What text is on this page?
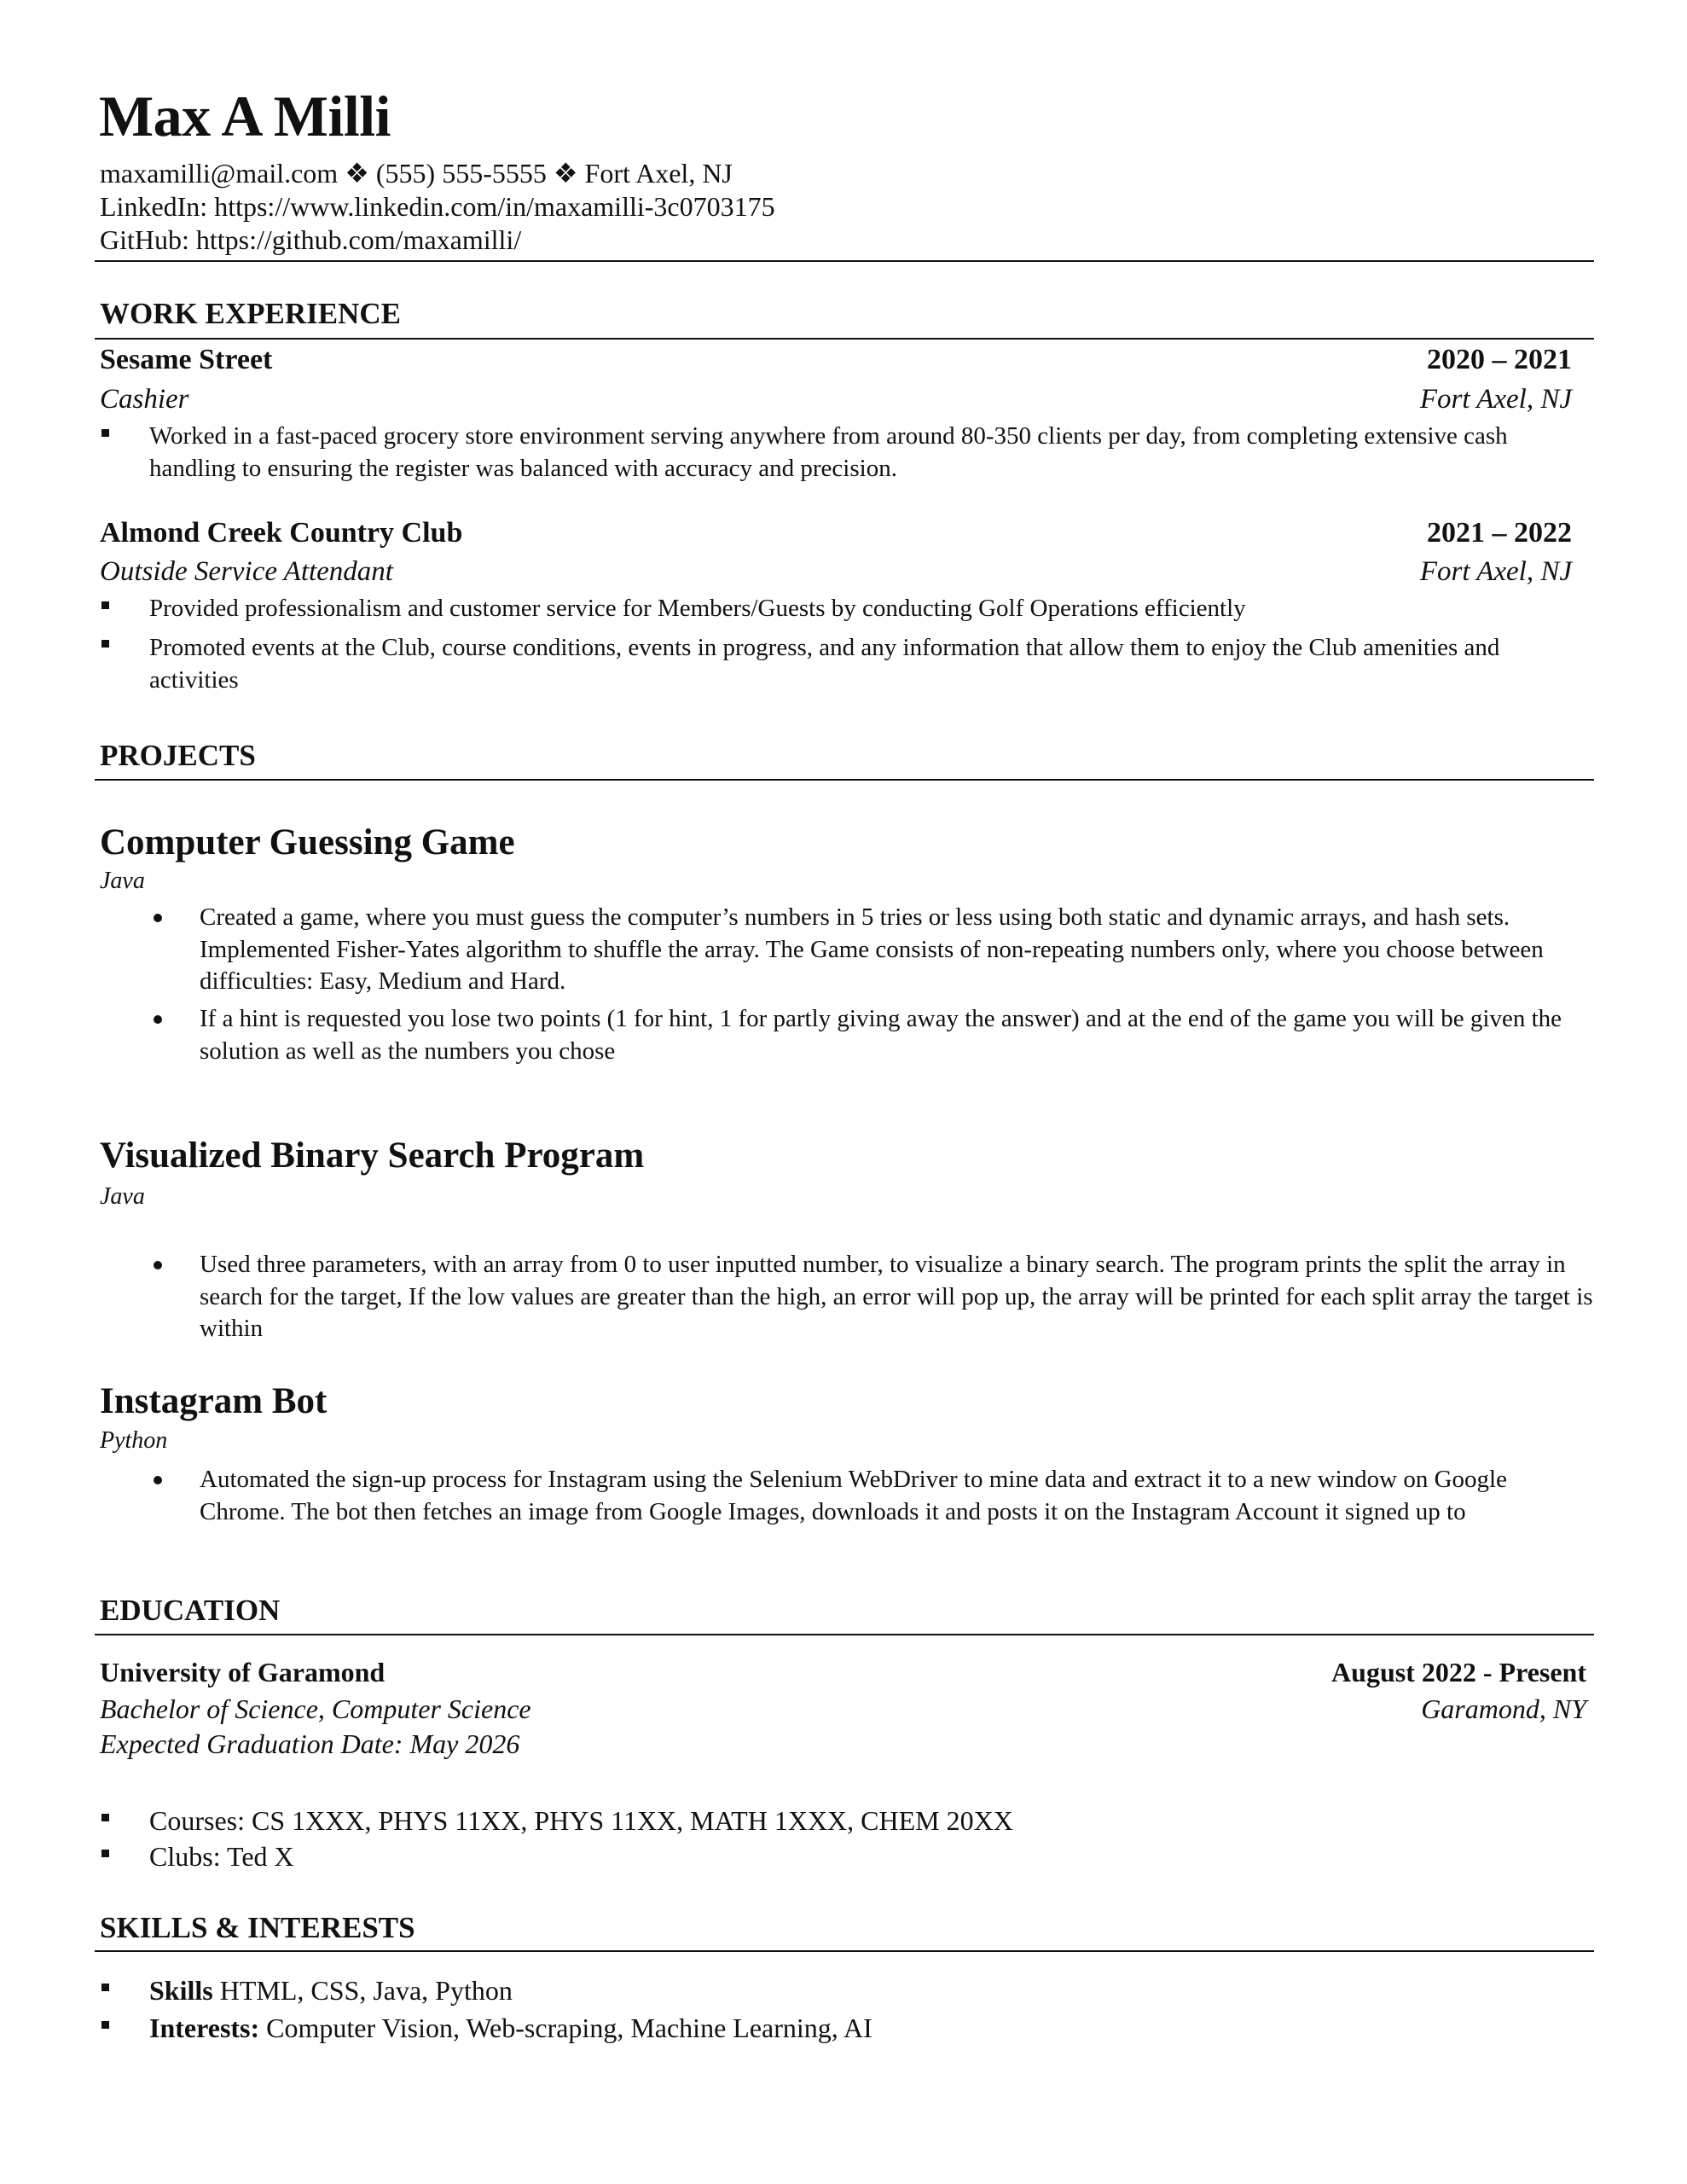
Max A Milli
maxamilli@mail.com ❖ (555) 555-5555 ❖ Fort Axel, NJ
LinkedIn: https://www.linkedin.com/in/maxamilli-3c0703175
GitHub: https://github.com/maxamilli/
WORK EXPERIENCE
Sesame Street	2020 – 2021
Cashier	Fort Axel, NJ
Worked in a fast-paced grocery store environment serving anywhere from around 80-350 clients per day, from completing extensive cash handling to ensuring the register was balanced with accuracy and precision.
Almond Creek Country Club	2021 – 2022
Outside Service Attendant	Fort Axel, NJ
Provided professionalism and customer service for Members/Guests by conducting Golf Operations efficiently
Promoted events at the Club, course conditions, events in progress, and any information that allow them to enjoy the Club amenities and activities
PROJECTS
Computer Guessing Game
Java
Created a game, where you must guess the computer’s numbers in 5 tries or less using both static and dynamic arrays, and hash sets. Implemented Fisher-Yates algorithm to shuffle the array. The Game consists of non-repeating numbers only, where you choose between difficulties: Easy, Medium and Hard.
If a hint is requested you lose two points (1 for hint, 1 for partly giving away the answer) and at the end of the game you will be given the solution as well as the numbers you chose
Visualized Binary Search Program
Java
Used three parameters, with an array from 0 to user inputted number, to visualize a binary search. The program prints the split the array in search for the target, If the low values are greater than the high, an error will pop up, the array will be printed for each split array the target is within
Instagram Bot
Python
Automated the sign-up process for Instagram using the Selenium WebDriver to mine data and extract it to a new window on Google Chrome. The bot then fetches an image from Google Images, downloads it and posts it on the Instagram Account it signed up to
EDUCATION
University of Garamond	August 2022 - Present
Bachelor of Science, Computer Science	Garamond, NY
Expected Graduation Date: May 2026
Courses: CS 1XXX, PHYS 11XX, PHYS 11XX, MATH 1XXX, CHEM 20XX
Clubs: Ted X
SKILLS & INTERESTS
Skills HTML, CSS, Java, Python
Interests: Computer Vision, Web-scraping, Machine Learning, AI
